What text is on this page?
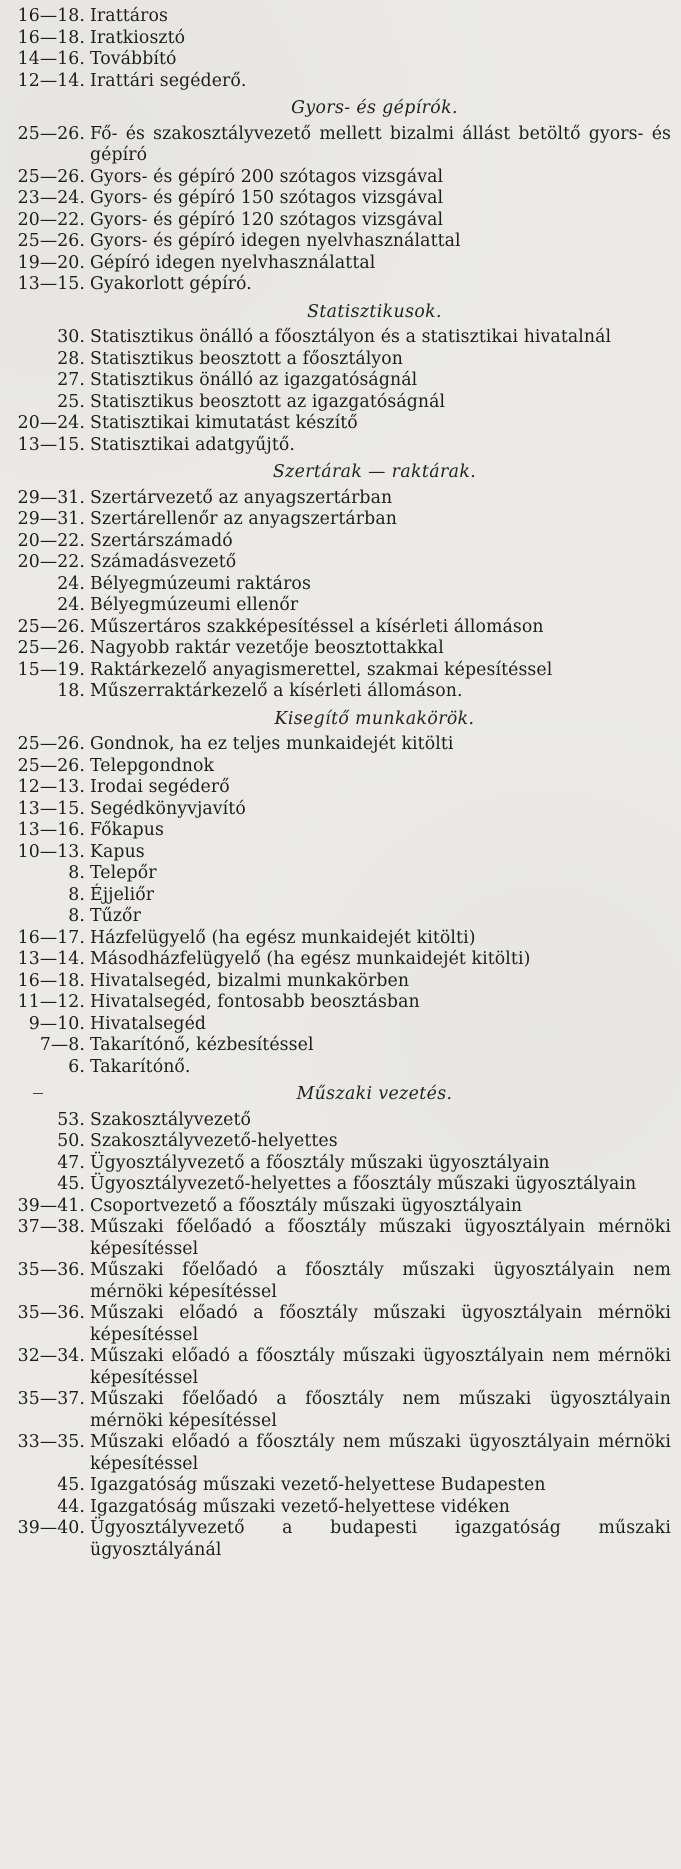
16—18. Irattáros
16—18. Iratkiosztó
14—16. Továbbító
12—14. Irattári segéderő.
Gyors- és gépírók.
25—26. Fő- és szakosztályvezető mellett bizalmi állást betöltő gyors- és gépíró
25—26. Gyors- és gépíró 200 szótagos vizsgával
23—24. Gyors- és gépíró 150 szótagos vizsgával
20—22. Gyors- és gépíró 120 szótagos vizsgával
25—26. Gyors- és gépíró idegen nyelvhasználattal
19—20. Gépíró idegen nyelvhasználattal
13—15. Gyakorlott gépíró.
Statisztikusok.
30. Statisztikus önálló a főosztályon és a statisztikai hivatalnál
28. Statisztikus beosztott a főosztályon
27. Statisztikus önálló az igazgatóságnál
25. Statisztikus beosztott az igazgatóságnál
20—24. Statisztikai kimutatást készítő
13—15. Statisztikai adatgyűjtő.
Szertárak — raktárak.
29—31. Szertárvezető az anyagszertárban
29—31. Szertárellenőr az anyagszertárban
20—22. Szertárszámadó
20—22. Számadásvezető
24. Bélyegmúzeumi raktáros
24. Bélyegmúzeumi ellenőr
25—26. Műszertáros szakképesítéssel a kísérleti állomáson
25—26. Nagyobb raktár vezetője beosztottakkal
15—19. Raktárkezelő anyagismerettel, szakmai képesítéssel
18. Műszerraktárkezelő a kísérleti állomáson.
Kisegítő munkakörök.
25—26. Gondnok, ha ez teljes munkaidejét kitölti
25—26. Telepgondnok
12—13. Irodai segéderő
13—15. Segédkönyvjavító
13—16. Főkapus
10—13. Kapus
8. Telepőr
8. Éjjeliőr
8. Tűzőr
16—17. Házfelügyelő (ha egész munkaidejét kitölti)
13—14. Másodházfelügyelő (ha egész munkaidejét kitölti)
16—18. Hivatalsegéd, bizalmi munkakörben
11—12. Hivatalsegéd, fontosabb beosztásban
9—10. Hivatalsegéd
7—8. Takarítónő, kézbesítéssel
6. Takarítónő.
Műszaki vezetés.
53. Szakosztályvezető
50. Szakosztályvezető-helyettes
47. Ügyosztályvezető a főosztály műszaki ügyosztályain
45. Ügyosztályvezető-helyettes a főosztály műszaki ügyosztályain
39—41. Csoportvezető a főosztály műszaki ügyosztályain
37—38. Műszaki főelőadó a főosztály műszaki ügyosztályain mérnöki képesítéssel
35—36. Műszaki főelőadó a főosztály műszaki ügyosztályain nem mérnöki képesítéssel
35—36. Műszaki előadó a főosztály műszaki ügyosztályain mérnöki képesítéssel
32—34. Műszaki előadó a főosztály műszaki ügyosztályain nem mérnöki képesítéssel
35—37. Műszaki főelőadó a főosztály nem műszaki ügyosztályain mérnöki képesítéssel
33—35. Műszaki előadó a főosztály nem műszaki ügyosztályain mérnöki képesítéssel
45. Igazgatóság műszaki vezető-helyettese Budapesten
44. Igazgatóság műszaki vezető-helyettese vidéken
39—40. Ügyosztályvezető a budapesti igazgatóság műszaki ügyosztályánál
